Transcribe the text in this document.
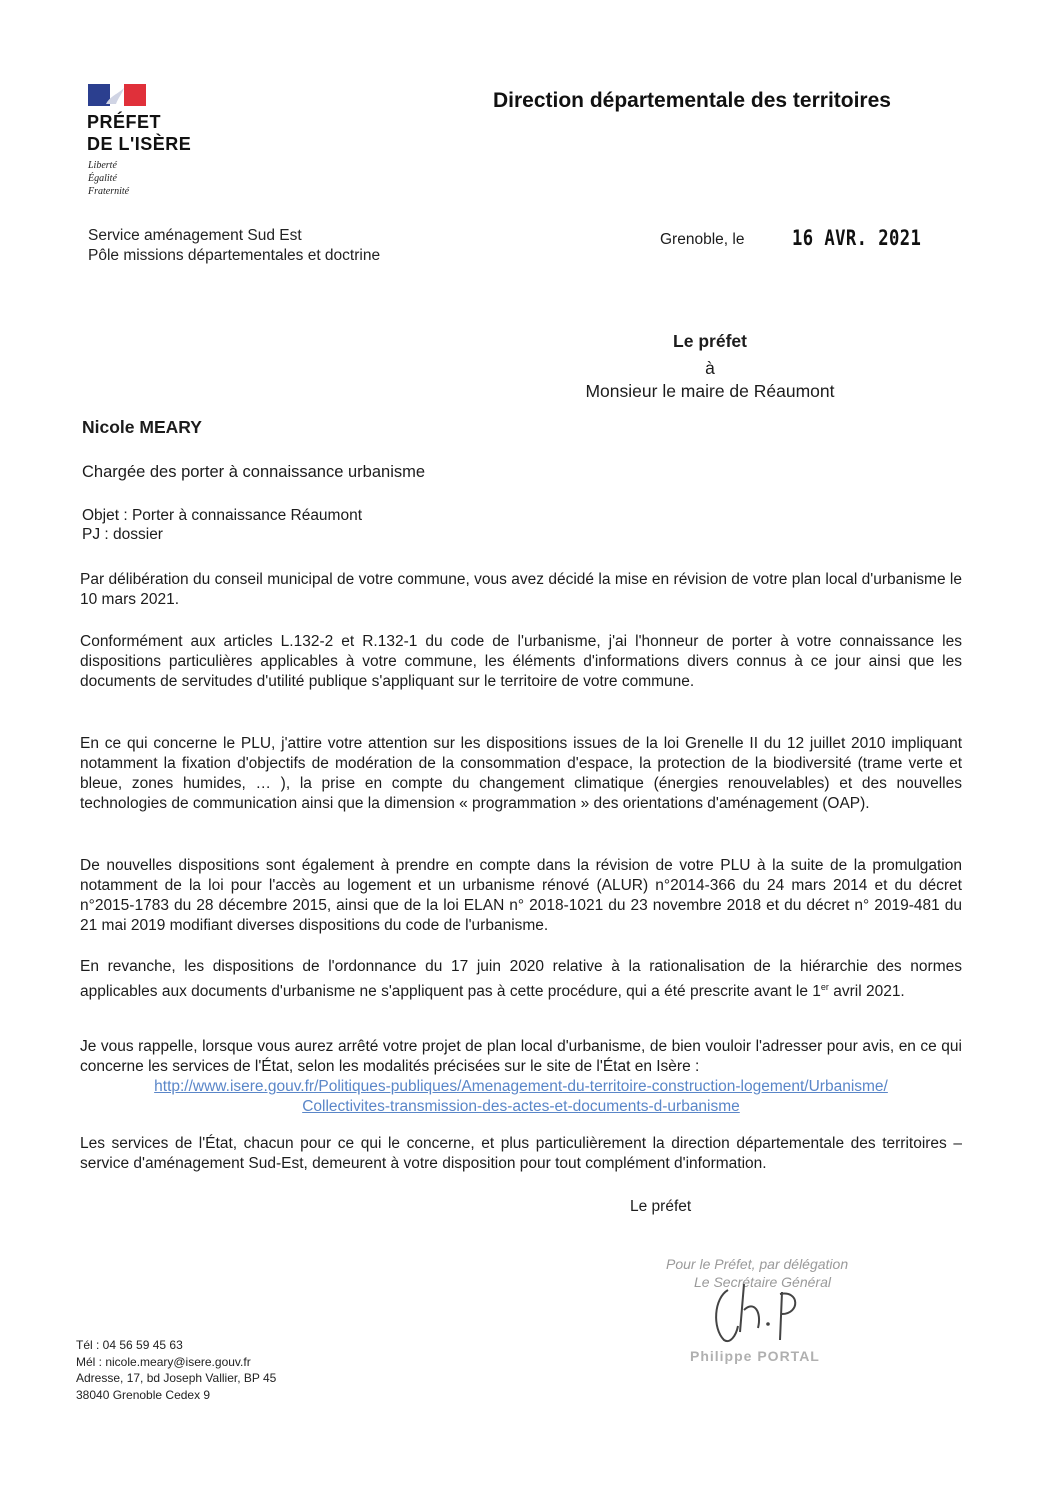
PRÉFET
DE L'ISÈRE
Liberté
Égalité
Fraternité
Direction départementale des territoires
Service aménagement Sud Est
Pôle missions départementales et doctrine
Grenoble, le 16 AVR. 2021
Le préfet
à
Monsieur le maire de Réaumont
Nicole MEARY
Chargée des porter à connaissance urbanisme
Objet : Porter à connaissance Réaumont
PJ : dossier
Par délibération du conseil municipal de votre commune, vous avez décidé la mise en révision de votre plan local d'urbanisme le 10 mars 2021.
Conformément aux articles L.132-2 et R.132-1 du code de l'urbanisme, j'ai l'honneur de porter à votre connaissance les dispositions particulières applicables à votre commune, les éléments d'informations divers connus à ce jour ainsi que les documents de servitudes d'utilité publique s'appliquant sur le territoire de votre commune.
En ce qui concerne le PLU, j'attire votre attention sur les dispositions issues de la loi Grenelle II du 12 juillet 2010 impliquant notamment la fixation d'objectifs de modération de la consommation d'espace, la protection de la biodiversité (trame verte et bleue, zones humides, … ), la prise en compte du changement climatique (énergies renouvelables) et des nouvelles technologies de communication ainsi que la dimension « programmation » des orientations d'aménagement (OAP).
De nouvelles dispositions sont également à prendre en compte dans la révision de votre PLU à la suite de la promulgation notamment de la loi pour l'accès au logement et un urbanisme rénové (ALUR) n°2014-366 du 24 mars 2014 et du décret n°2015-1783 du 28 décembre 2015, ainsi que de la loi ELAN n° 2018-1021 du 23 novembre 2018 et du décret n° 2019-481 du 21 mai 2019 modifiant diverses dispositions du code de l'urbanisme.
En revanche, les dispositions de l'ordonnance du 17 juin 2020 relative à la rationalisation de la hiérarchie des normes applicables aux documents d'urbanisme ne s'appliquent pas à cette procédure, qui a été prescrite avant le 1er avril 2021.
Je vous rappelle, lorsque vous aurez arrêté votre projet de plan local d'urbanisme, de bien vouloir l'adresser pour avis, en ce qui concerne les services de l'État, selon les modalités précisées sur le site de l'État en Isère :
http://www.isere.gouv.fr/Politiques-publiques/Amenagement-du-territoire-construction-logement/Urbanisme/
Collectivites-transmission-des-actes-et-documents-d-urbanisme
Les services de l'État, chacun pour ce qui le concerne, et plus particulièrement la direction départementale des territoires – service d'aménagement Sud-Est, demeurent à votre disposition pour tout complément d'information.
Le préfet
Pour le Préfet, par délégation
Le Secrétaire Général
Philippe PORTAL
Tél : 04 56 59 45 63
Mél : nicole.meary@isere.gouv.fr
Adresse, 17, bd Joseph Vallier, BP 45
38040 Grenoble Cedex 9
